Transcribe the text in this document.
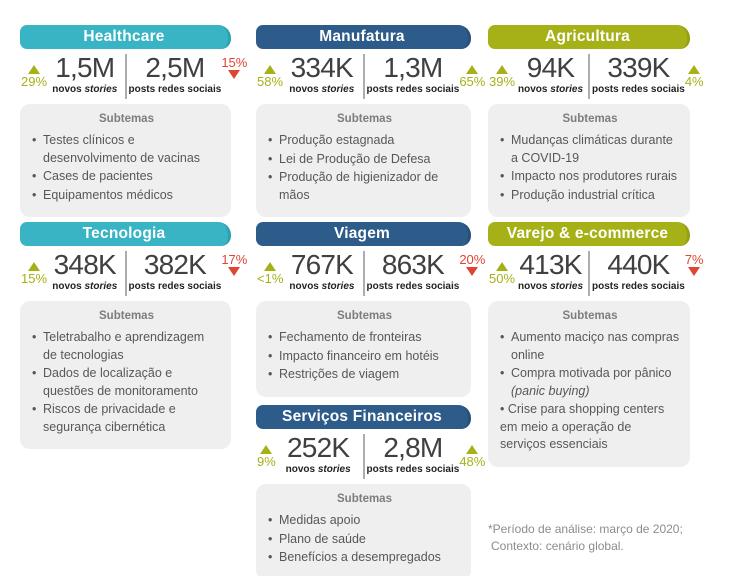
Healthcare
29% 1,5M
novos stories
2,5M
posts redes sociais
15%
Subtemas
• Testes clínicos e desenvolvimento de vacinas
• Cases de pacientes
• Equipamentos médicos
Manufatura
58% 334K
novos stories
1,3M
posts redes sociais
65%
Subtemas
• Produção estagnada
• Lei de Produção de Defesa
• Produção de higienizador de mãos
Agricultura
39% 94K
novos stories
339K
posts redes sociais
4%
Subtemas
• Mudanças climáticas durante a COVID-19
• Impacto nos produtores rurais
• Produção industrial crítica
Tecnologia
15% 348K
novos stories
382K
posts redes sociais
17%
Subtemas
• Teletrabalho e aprendizagem de tecnologias
• Dados de localização e questões de monitoramento
• Riscos de privacidade e segurança cibernética
Viagem
<1% 767K
novos stories
863K
posts redes sociais
20%
Subtemas
• Fechamento de fronteiras
• Impacto financeiro em hotéis
• Restrições de viagem
Varejo & e-commerce
50% 413K
novos stories
440K
posts redes sociais
7%
Subtemas
• Aumento maciço nas compras online
• Compra motivada por pânico (panic buying)
• Crise para shopping centers em meio a operação de serviços essenciais
Serviços Financeiros
9% 252K
novos stories
2,8M
posts redes sociais
48%
Subtemas
• Medidas apoio
• Plano de saúde
• Benefícios a desempregados
*Período de análise: março de 2020;
Contexto: cenário global.
